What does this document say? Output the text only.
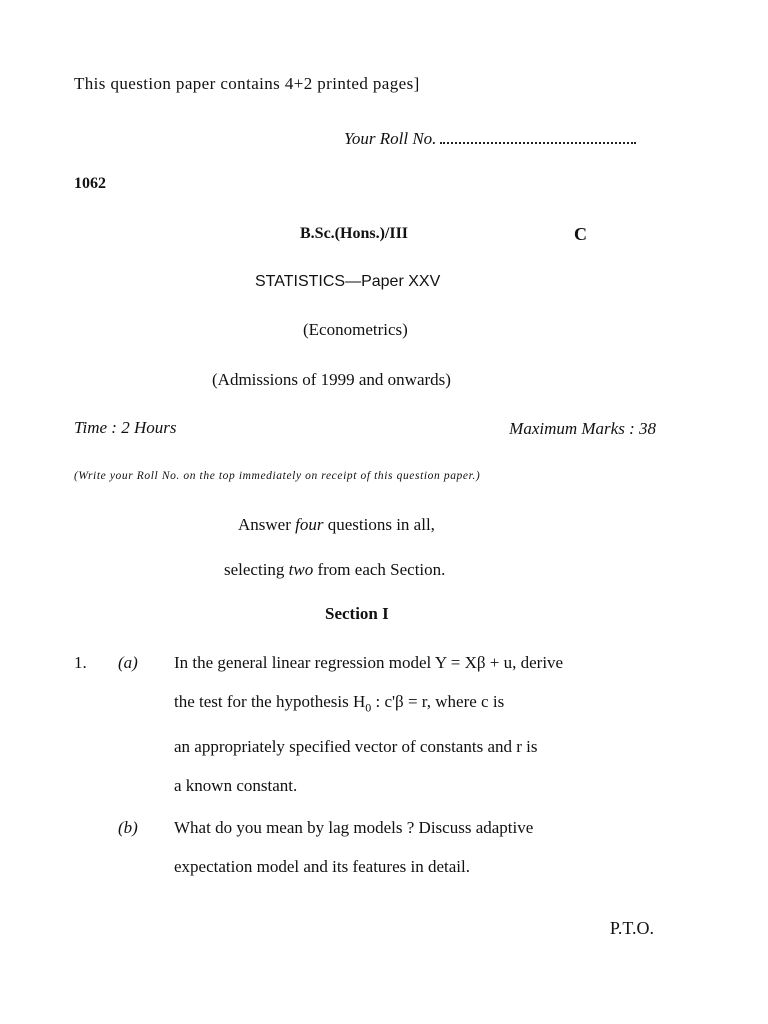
This question paper contains 4+2 printed pages]
Your Roll No.
1062
B.Sc.(Hons.)/III	C
STATISTICS—Paper XXV
(Econometrics)
(Admissions of 1999 and onwards)
Time : 2 Hours	Maximum Marks : 38
(Write your Roll No. on the top immediately on receipt of this question paper.)
Answer four questions in all,
selecting two from each Section.
Section I
1. (a) In the general linear regression model Y = Xβ + u, derive
the test for the hypothesis $H_0$ : c'β = r, where c is
an appropriately specified vector of constants and r is
a known constant.
(b) What do you mean by lag models ? Discuss adaptive
expectation model and its features in detail.
P.T.O.
